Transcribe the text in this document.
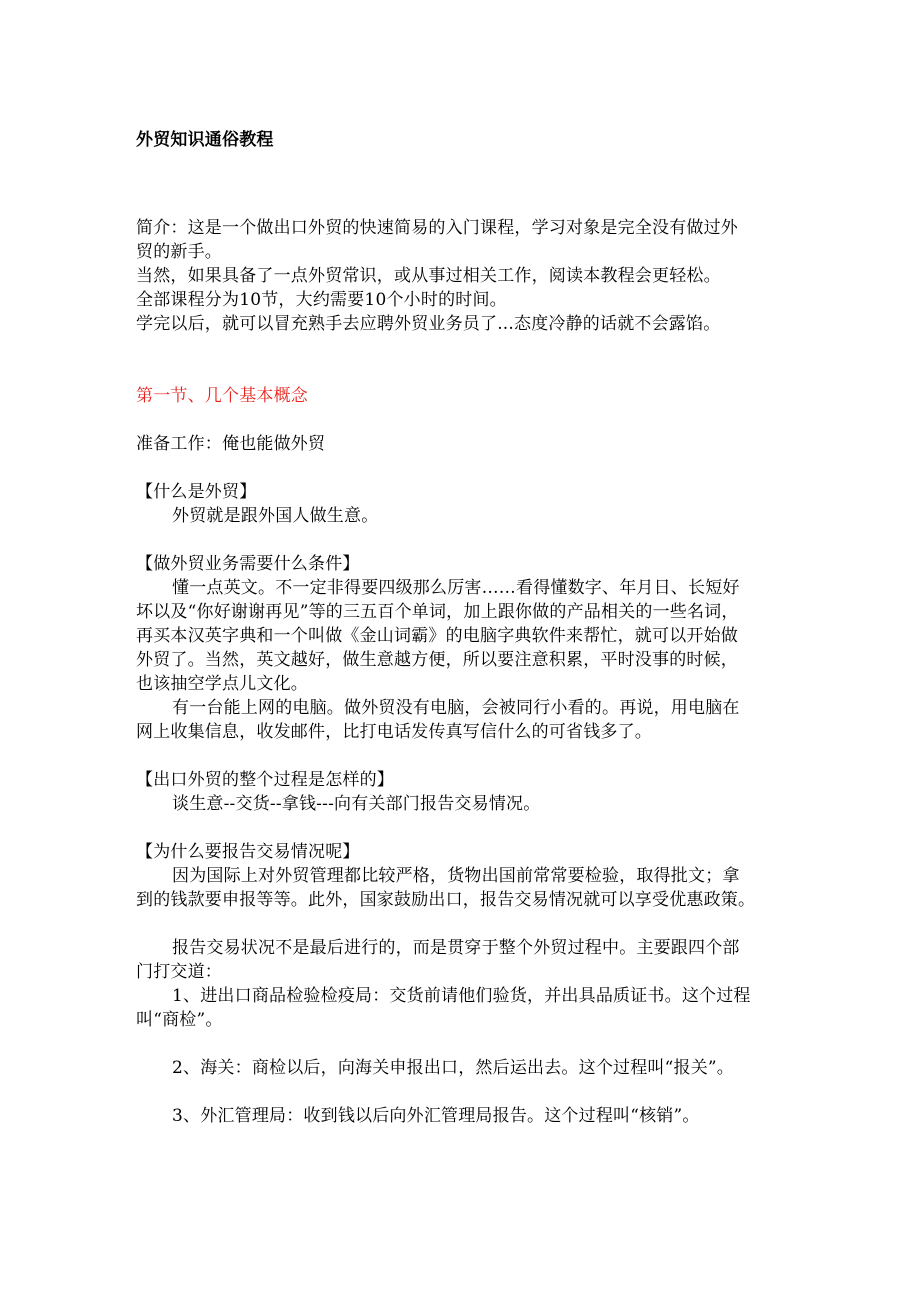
外贸知识通俗教程
简介：这是一个做出口外贸的快速简易的入门课程，学习对象是完全没有做过外
贸的新手。
当然，如果具备了一点外贸常识，或从事过相关工作，阅读本教程会更轻松。
全部课程分为10节，大约需要10个小时的时间。
学完以后，就可以冒充熟手去应聘外贸业务员了...态度冷静的话就不会露馅。
第一节、几个基本概念
准备工作：俺也能做外贸
【什么是外贸】
外贸就是跟外国人做生意。
【做外贸业务需要什么条件】
懂一点英文。不一定非得要四级那么厉害……看得懂数字、年月日、长短好
坏以及“你好谢谢再见”等的三五百个单词，加上跟你做的产品相关的一些名词，
再买本汉英字典和一个叫做《金山词霸》的电脑字典软件来帮忙，就可以开始做
外贸了。当然，英文越好，做生意越方便，所以要注意积累，平时没事的时候，
也该抽空学点儿文化。
有一台能上网的电脑。做外贸没有电脑，会被同行小看的。再说，用电脑在
网上收集信息，收发邮件，比打电话发传真写信什么的可省钱多了。
【出口外贸的整个过程是怎样的】
谈生意--交货--拿钱---向有关部门报告交易情况。
【为什么要报告交易情况呢】
因为国际上对外贸管理都比较严格，货物出国前常常要检验，取得批文；拿
到的钱款要申报等等。此外，国家鼓励出口，报告交易情况就可以享受优惠政策。
报告交易状况不是最后进行的，而是贯穿于整个外贸过程中。主要跟四个部
门打交道：
1、进出口商品检验检疫局：交货前请他们验货，并出具品质证书。这个过程
叫“商检”。
2、海关：商检以后，向海关申报出口，然后运出去。这个过程叫“报关”。
3、外汇管理局：收到钱以后向外汇管理局报告。这个过程叫“核销”。
